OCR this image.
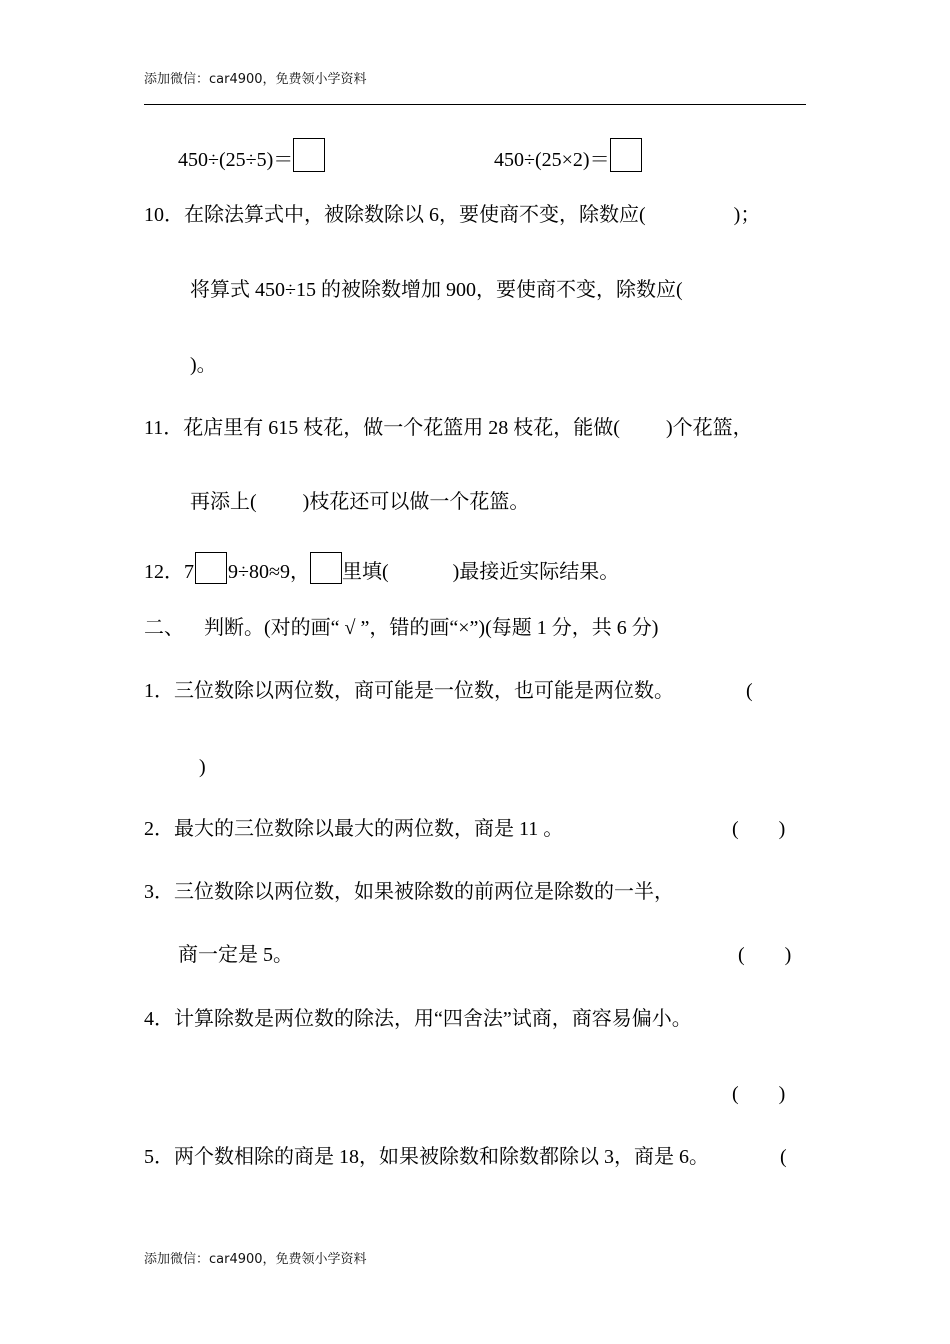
添加微信：car4900，免费领小学资料
450÷(25÷5)＝	450÷(25×2)＝
10．在除法算式中，被除数除以 6，要使商不变，除数应(	)；
将算式 450÷15 的被除数增加 900，要使商不变，除数应(
)。
11．花店里有 615 枝花，做一个花篮用 28 枝花，能做( )个花篮，
再添上( )枝花还可以做一个花篮。
12．7 9÷80≈9， 里填(	)最接近实际结果。
二、 判断。(对的画“ √ ”，错的画“×”)(每题 1 分，共 6 分)
1．三位数除以两位数，商可能是一位数，也可能是两位数。	(
)
2．最大的三位数除以最大的两位数，商是 11 。	(　　)
3．三位数除以两位数，如果被除数的前两位是除数的一半，
商一定是 5。	(　　)
4．计算除数是两位数的除法，用“四舍法”试商，商容易偏小。
(　　)
5．两个数相除的商是 18，如果被除数和除数都除以 3，商是 6。	(
添加微信：car4900，免费领小学资料
